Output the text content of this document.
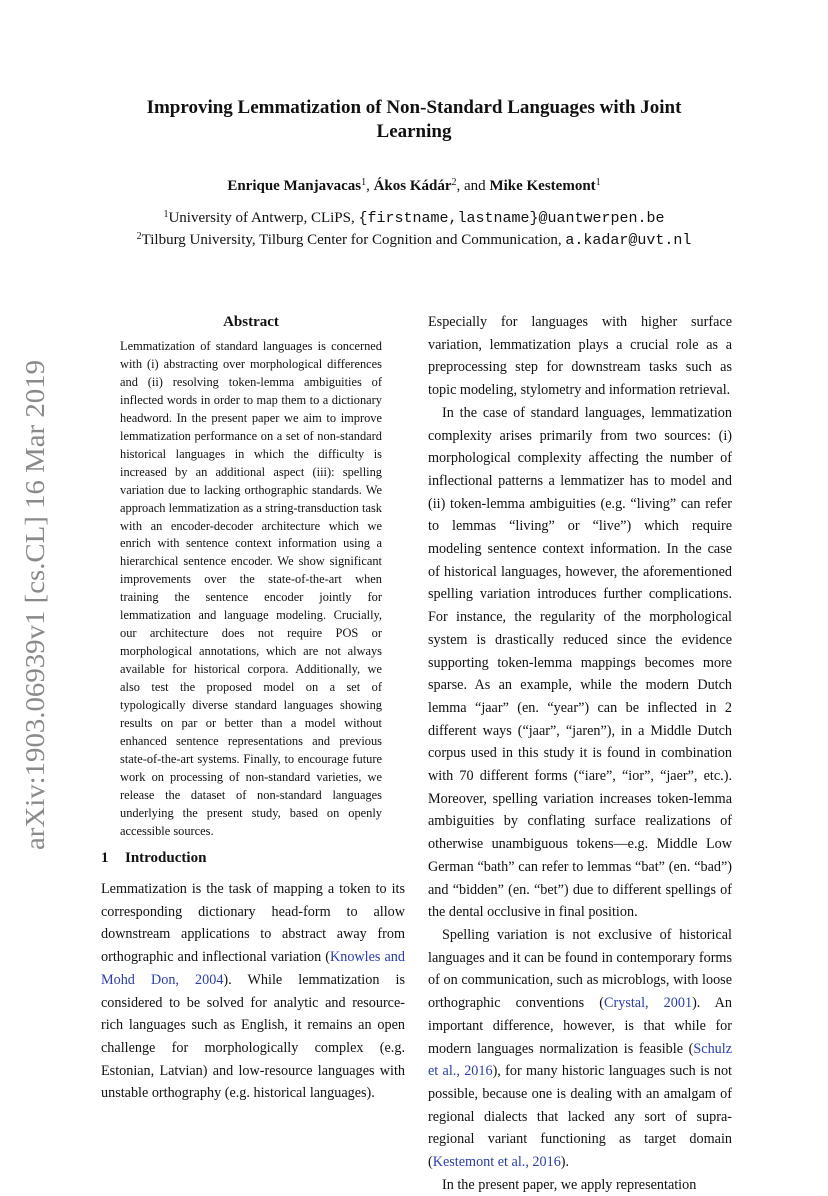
arXiv:1903.06939v1 [cs.CL] 16 Mar 2019
Improving Lemmatization of Non-Standard Languages with Joint Learning
Enrique Manjavacas$^1$, Ákos Kádár$^2$, and Mike Kestemont$^1$
$^1$University of Antwerp, CLiPS, {firstname,lastname}@uantwerpen.be
$^2$Tilburg University, Tilburg Center for Cognition and Communication, a.kadar@uvt.nl
Abstract

Lemmatization of standard languages is concerned with (i) abstracting over morphological differences and (ii) resolving token-lemma ambiguities of inflected words in order to map them to a dictionary headword. In the present paper we aim to improve lemmatization performance on a set of non-standard historical languages in which the difficulty is increased by an additional aspect (iii): spelling variation due to lacking orthographic standards. We approach lemmatization as a string-transduction task with an encoder-decoder architecture which we enrich with sentence context information using a hierarchical sentence encoder. We show significant improvements over the state-of-the-art when training the sentence encoder jointly for lemmatization and language modeling. Crucially, our architecture does not require POS or morphological annotations, which are not always available for historical corpora. Additionally, we also test the proposed model on a set of typologically diverse standard languages showing results on par or better than a model without enhanced sentence representations and previous state-of-the-art systems. Finally, to encourage future work on processing of non-standard varieties, we release the dataset of non-standard languages underlying the present study, based on openly accessible sources.

1 Introduction

Lemmatization is the task of mapping a token to its corresponding dictionary head-form to allow downstream applications to abstract away from orthographic and inflectional variation (Knowles and Mohd Don, 2004). While lemmatization is considered to be solved for analytic and resource-rich languages such as English, it remains an open challenge for morphologically complex (e.g. Estonian, Latvian) and low-resource languages with unstable orthography (e.g. historical languages).

Especially for languages with higher surface variation, lemmatization plays a crucial role as a preprocessing step for downstream tasks such as topic modeling, stylometry and information retrieval.

In the case of standard languages, lemmatization complexity arises primarily from two sources: (i) morphological complexity affecting the number of inflectional patterns a lemmatizer has to model and (ii) token-lemma ambiguities (e.g. “living” can refer to lemmas “living” or “live”) which require modeling sentence context information. In the case of historical languages, however, the aforementioned spelling variation introduces further complications. For instance, the regularity of the morphological system is drastically reduced since the evidence supporting token-lemma mappings becomes more sparse. As an example, while the modern Dutch lemma “jaar” (en. “year”) can be inflected in 2 different ways (“jaar”, “jaren”), in a Middle Dutch corpus used in this study it is found in combination with 70 different forms (“iare”, “ior”, “jaer”, etc.). Moreover, spelling variation increases token-lemma ambiguities by conflating surface realizations of otherwise unambiguous tokens—e.g. Middle Low German “bath” can refer to lemmas “bat” (en. “bad”) and “bidden” (en. “bet”) due to different spellings of the dental occlusive in final position.

Spelling variation is not exclusive of historical languages and it can be found in contemporary forms of on communication, such as microblogs, with loose orthographic conventions (Crystal, 2001). An important difference, however, is that while for modern languages normalization is feasible (Schulz et al., 2016), for many historic languages such is not possible, because one is dealing with an amalgam of regional dialects that lacked any sort of supra-regional variant functioning as target domain (Kestemont et al., 2016).

In the present paper, we apply representation
